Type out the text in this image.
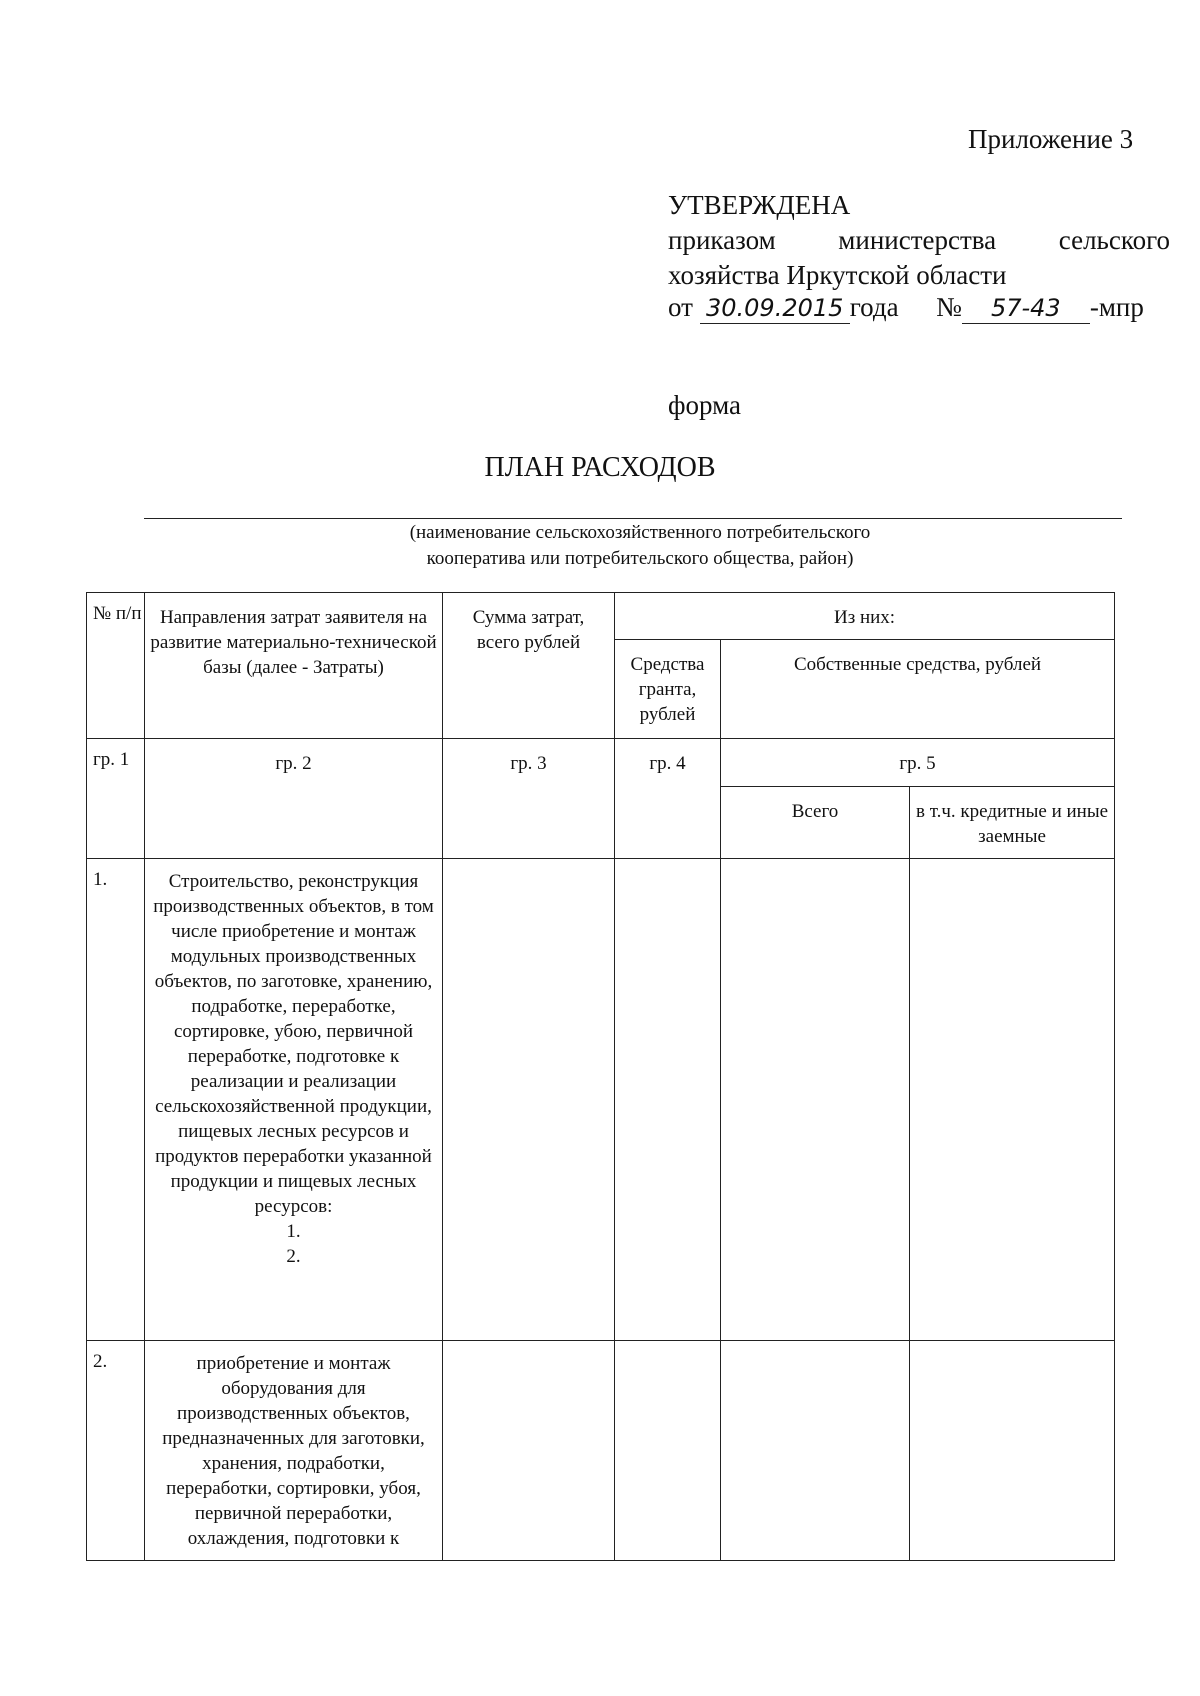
Приложение 3
УТВЕРЖДЕНА
приказом министерства сельского
хозяйства Иркутской области
от 30.09.2015 года № 57-43 -мпр
форма
ПЛАН РАСХОДОВ
(наименование сельскохозяйственного потребительского
кооператива или потребительского общества, район)
№ п/п	Направления затрат заявителя на развитие материально-технической базы (далее - Затраты)	Сумма затрат, всего рублей	Из них:		
			Средства гранта, рублей	Собственные средства, рублей	
гр. 1	гр. 2	гр. 3	гр. 4	гр. 5	
				Всего	в т.ч. кредитные и иные заемные
1.	Строительство, реконструкция производственных объектов, в том числе приобретение и монтаж модульных производственных объектов, по заготовке, хранению, подработке, переработке, сортировке, убою, первичной переработке, подготовке к реализации и реализации сельскохозяйственной продукции, пищевых лесных ресурсов и продуктов переработки указанной продукции и пищевых лесных ресурсов:
1.
2.				

2.	приобретение и монтаж оборудования для производственных объектов, предназначенных для заготовки, хранения, подработки, переработки, сортировки, убоя, первичной переработки, охлаждения, подготовки к				
